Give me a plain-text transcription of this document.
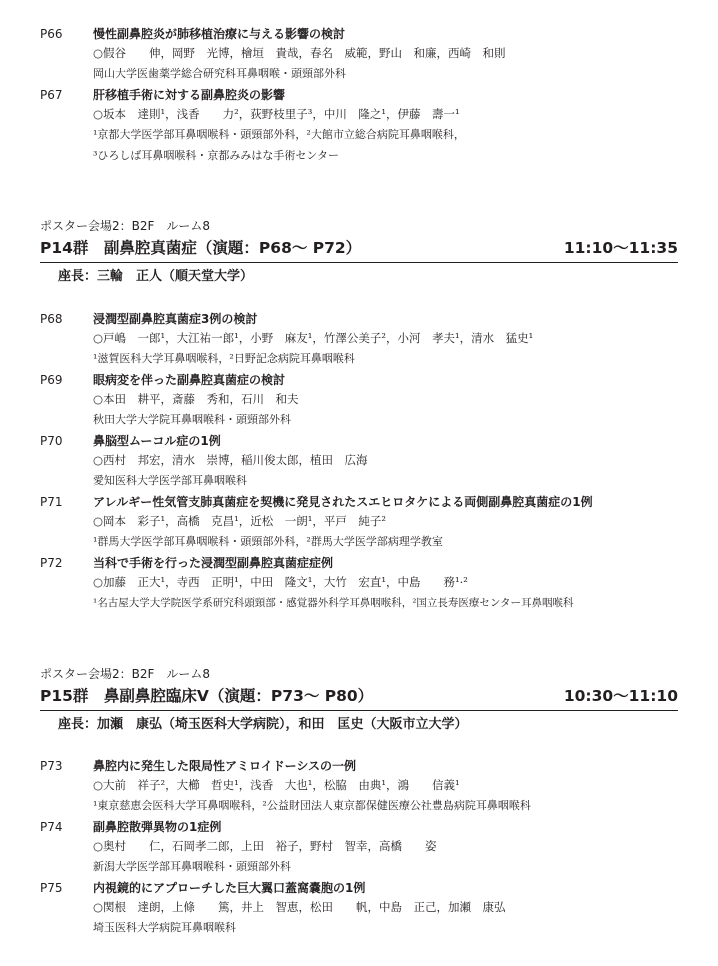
P66	慢性副鼻腔炎が肺移植治療に与える影響の検討
○假谷　　伸，岡野　光博，檜垣　貴哉，春名　威範，野山　和廉，西崎　和則
岡山大学医歯薬学総合研究科耳鼻咽喉・頭頸部外科
P67	肝移植手術に対する副鼻腔炎の影響
○坂本　達則¹，浅香　　力²，荻野枝里子³，中川　隆之¹，伊藤　壽一¹
¹京都大学医学部耳鼻咽喉科・頭頸部外科，²大館市立総合病院耳鼻咽喉科，
³ひろしば耳鼻咽喉科・京都みみはな手術センター
ポスター会場2：B2F　ルーム8
P14群　副鼻腔真菌症（演題：P68～ P72）	11:10～11:35
座長：三輪　正人（順天堂大学）
P68	浸潤型副鼻腔真菌症3例の検討
○戸嶋　一郎¹，大江祐一郎¹，小野　麻友¹，竹澤公美子²，小河　孝夫¹，清水　猛史¹
¹滋賀医科大学耳鼻咽喉科，²日野記念病院耳鼻咽喉科
P69	眼病変を伴った副鼻腔真菌症の検討
○本田　耕平，斎藤　秀和，石川　和夫
秋田大学大学院耳鼻咽喉科・頭頸部外科
P70	鼻脳型ムーコル症の1例
○西村　邦宏，清水　崇博，稲川俊太郎，植田　広海
愛知医科大学医学部耳鼻咽喉科
P71	アレルギー性気管支肺真菌症を契機に発見されたスエヒロタケによる両側副鼻腔真菌症の1例
○岡本　彩子¹，高橋　克昌¹，近松　一朗¹，平戸　純子²
¹群馬大学医学部耳鼻咽喉科・頭頸部外科，²群馬大学医学部病理学教室
P72	当科で手術を行った浸潤型副鼻腔真菌症症例
○加藤　正大¹，寺西　正明¹，中田　隆文¹，大竹　宏直¹，中島　　務¹·²
¹名古屋大学大学院医学系研究科頭頸部・感覚器外科学耳鼻咽喉科，²国立長寿医療センター耳鼻咽喉科
ポスター会場2：B2F　ルーム8
P15群　鼻副鼻腔臨床Ⅴ（演題：P73～ P80）	10:30～11:10
座長：加瀬　康弘（埼玉医科大学病院），和田　匡史（大阪市立大学）
P73	鼻腔内に発生した限局性アミロイドーシスの一例
○大前　祥子²，大櫛　哲史¹，浅香　大也¹，松脇　由典¹，鴻　　信義¹
¹東京慈恵会医科大学耳鼻咽喉科，²公益財団法人東京都保健医療公社豊島病院耳鼻咽喉科
P74	副鼻腔散弾異物の1症例
○奥村　　仁，石岡孝二郎，上田　裕子，野村　智幸，高橋　　姿
新潟大学医学部耳鼻咽喉科・頭頸部外科
P75	内視鏡的にアプローチした巨大翼口蓋窩嚢胞の1例
○関根　達朗，上條　　篤，井上　智恵，松田　　帆，中島　正己，加瀬　康弘
埼玉医科大学病院耳鼻咽喉科
